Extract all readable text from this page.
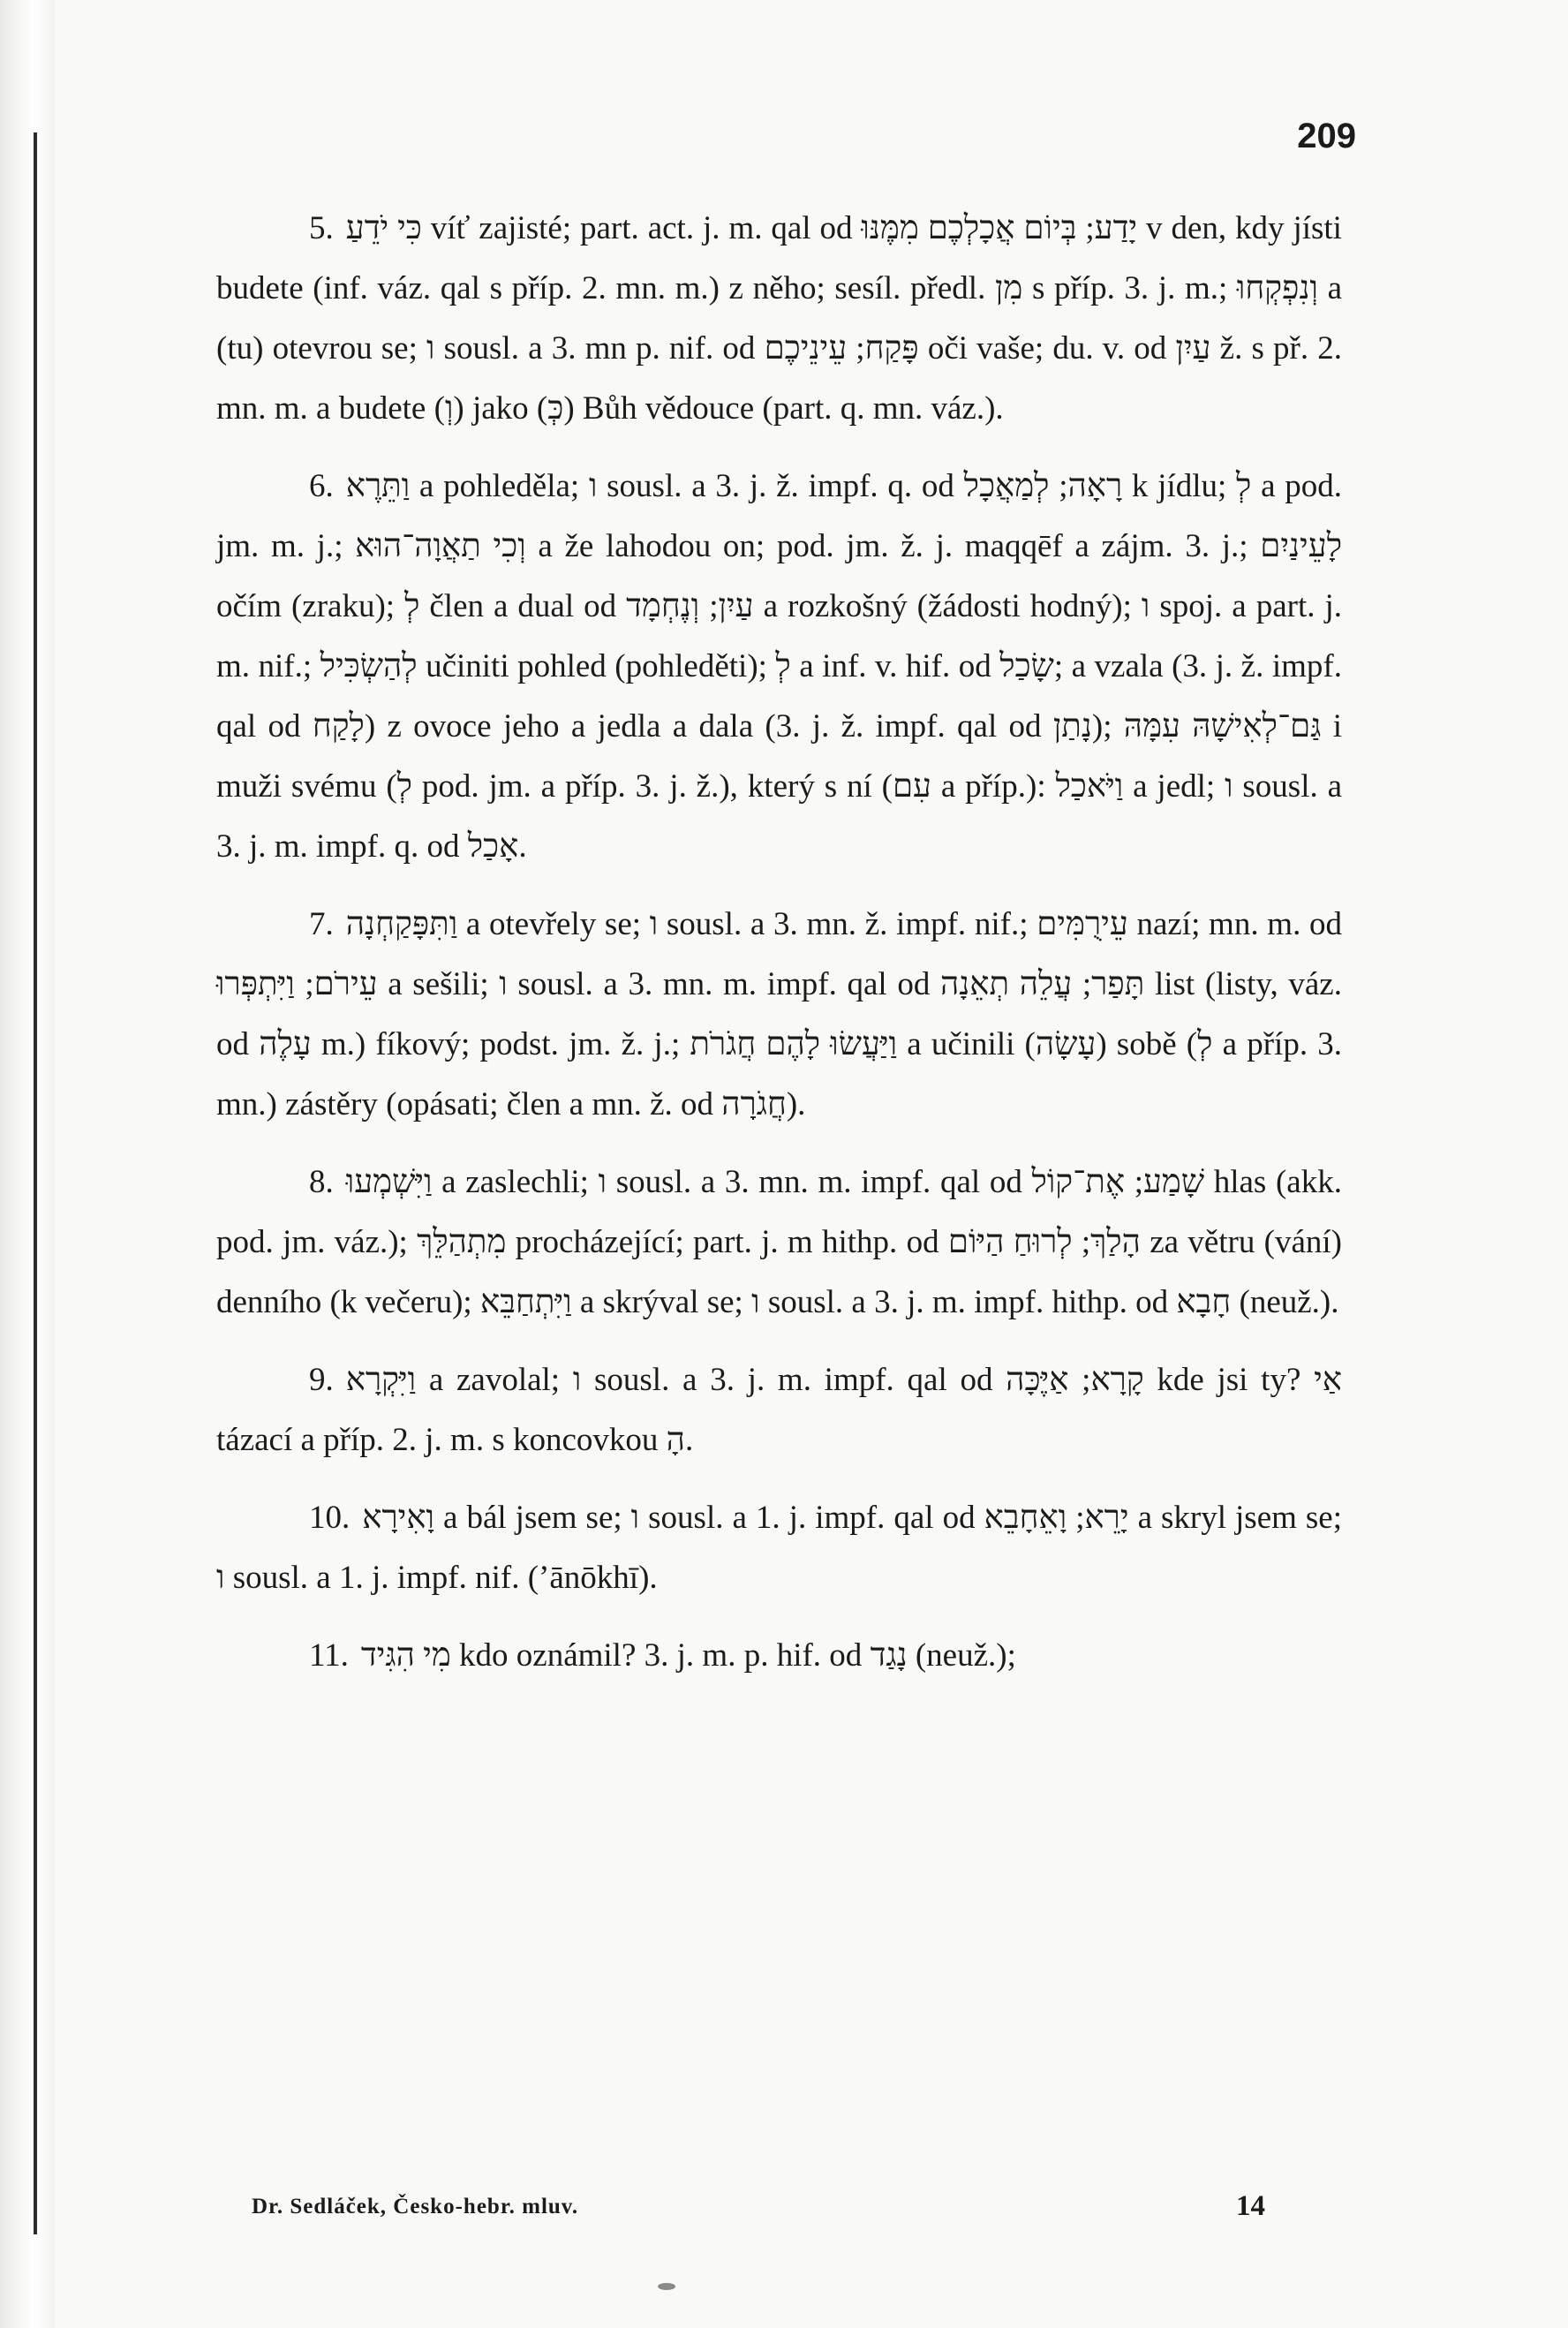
209
5. כִּי יֹדֵעַ víť zajisté; part. act. j. m. qal od יָדַע; בְּיוֹם אֲכָלְכֶם מִמֶּנּוּ v den, kdy jísti budete (inf. váz. qal s příp. 2. mn. m.) z něho; sesíl. předl. מִן s příp. 3. j. m.; וְנִפְקְחוּ a (tu) otevrou se; ו sousl. a 3. mn p. nif. od פָּקַח; עֵינֵיכֶם oči vaše; du. v. od עַיִן ž. s př. 2. mn. m. a budete (וְ) jako (כְּ) Bůh vědouce (part. q. mn. váz.).
6. וַתֵּרֶא a pohleděla; ו sousl. a 3. j. ž. impf. q. od רָאָה; לְמַאֲכָל k jídlu; לְ a pod. jm. m. j.; וְכִי תַאֲוָה־הוּא a že lahodou on; pod. jm. ž. j. maqqēf a zájm. 3. j.; לָעֵינַיִם očím (zraku); לְ člen a dual od עַיִן; וְנֶחְמָד a rozkošný (žádosti hodný); ו spoj. a part. j. m. nif.; לְהַשְׂכִּיל učiniti pohled (pohleděti); לְ a inf. v. hif. od שָׂכַל; a vzala (3. j. ž. impf. qal od לָקַח) z ovoce jeho a jedla a dala (3. j. ž. impf. qal od נָתַן); גַּם־לְאִישָׁהּ עִמָּהּ i muži svému (לְ pod. jm. a příp. 3. j. ž.), který s ní (עִם a příp.): וַיֹּאכַל a jedl; ו sousl. a 3. j. m. impf. q. od אָכַל.
7. וַתִּפָּקַחְנָה a otevřely se; ו sousl. a 3. mn. ž. impf. nif.; עֵירֻמִּים nazí; mn. m. od עֵירֹם; וַיִּתְפְּרוּ a sešili; ו sousl. a 3. mn. m. impf. qal od תָּפַר; עֲלֵה תְאֵנָה list (listy, váz. od עָלֶה m.) fíkový; podst. jm. ž. j.; וַיַּעֲשׂוּ לָהֶם חֲגֹרֹת a učinili (עָשָׂה) sobě (לְ a příp. 3. mn.) zástěry (opásati; člen a mn. ž. od חֲגֹרָה).
8. וַיִּשְׁמְעוּ a zaslechli; ו sousl. a 3. mn. m. impf. qal od שָׁמַע; אֶת־קוֹל hlas (akk. pod. jm. váz.); מִתְהַלֵּךְ procházející; part. j. m hithp. od הָלַךְ; לְרוּחַ הַיּוֹם za větru (vání) denního (k večeru); וַיִּתְחַבֵּא a skrýval se; ו sousl. a 3. j. m. impf. hithp. od חָבָא (neuž.).
9. וַיִּקְרָא a zavolal; ו sousl. a 3. j. m. impf. qal od קָרָא; אַיֶּכָּה kde jsi ty? אַי tázací a příp. 2. j. m. s koncovkou הָ.
10. וָאִירָא a bál jsem se; ו sousl. a 1. j. impf. qal od יָרֵא; וָאֵחָבֵא a skryl jsem se; ו sousl. a 1. j. impf. nif. (’ānōkhī).
11. מִי הִגִּיד kdo oznámil? 3. j. m. p. hif. od נָגַד (neuž.);
Dr. Sedláček, Česko-hebr. mluv.	14
